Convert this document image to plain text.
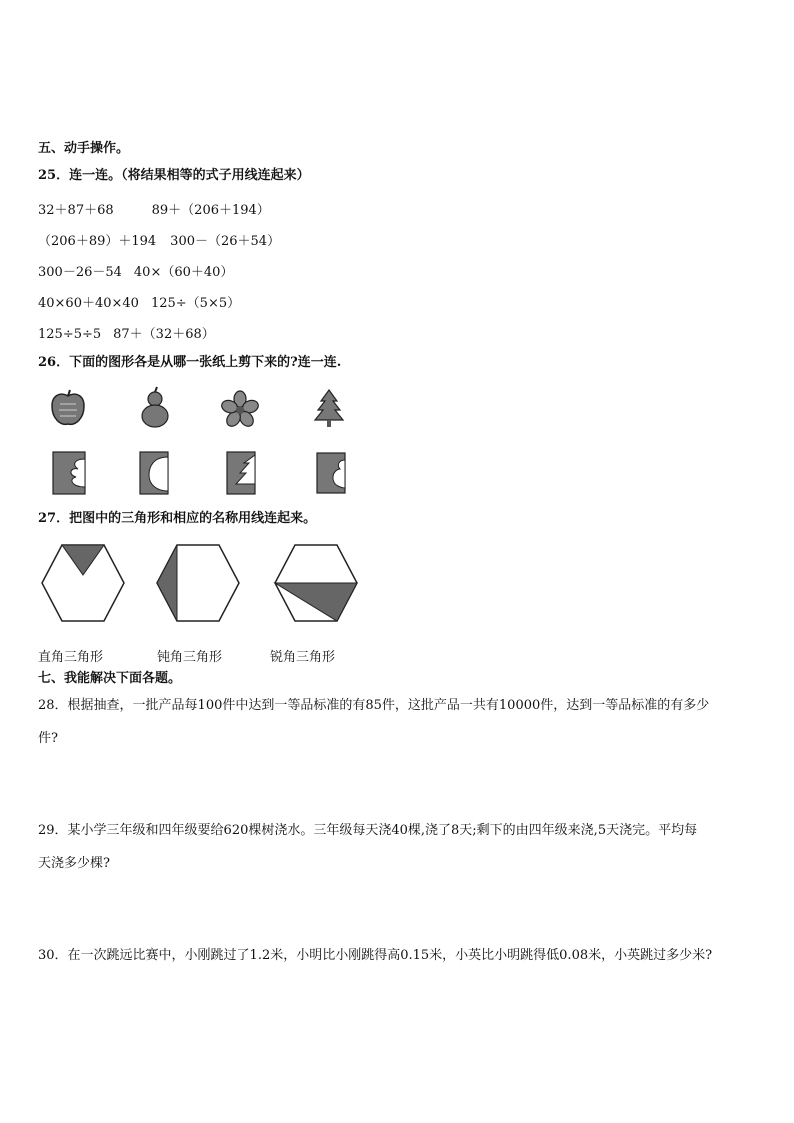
五、动手操作。
25．连一连。（将结果相等的式子用线连起来）
32＋87＋68	89＋（206＋194）
（206＋89）＋194 300－（26＋54）
300－26－54 40×（60＋40）
40×60＋40×40 125÷（5×5）
125÷5÷5 87＋（32＋68）
26．下面的图形各是从哪一张纸上剪下来的?连一连.
27．把图中的三角形和相应的名称用线连起来。
直角三角形	钝角三角形	锐角三角形
七、我能解决下面各题。
28．根据抽查，一批产品每100件中达到一等品标准的有85件，这批产品一共有10000件，达到一等品标准的有多少
件?
29．某小学三年级和四年级要给620棵树浇水。三年级每天浇40棵,浇了8天;剩下的由四年级来浇,5天浇完。平均每
天浇多少棵?
30．在一次跳远比赛中，小刚跳过了1.2米，小明比小刚跳得高0.15米，小英比小明跳得低0.08米，小英跳过多少米?
